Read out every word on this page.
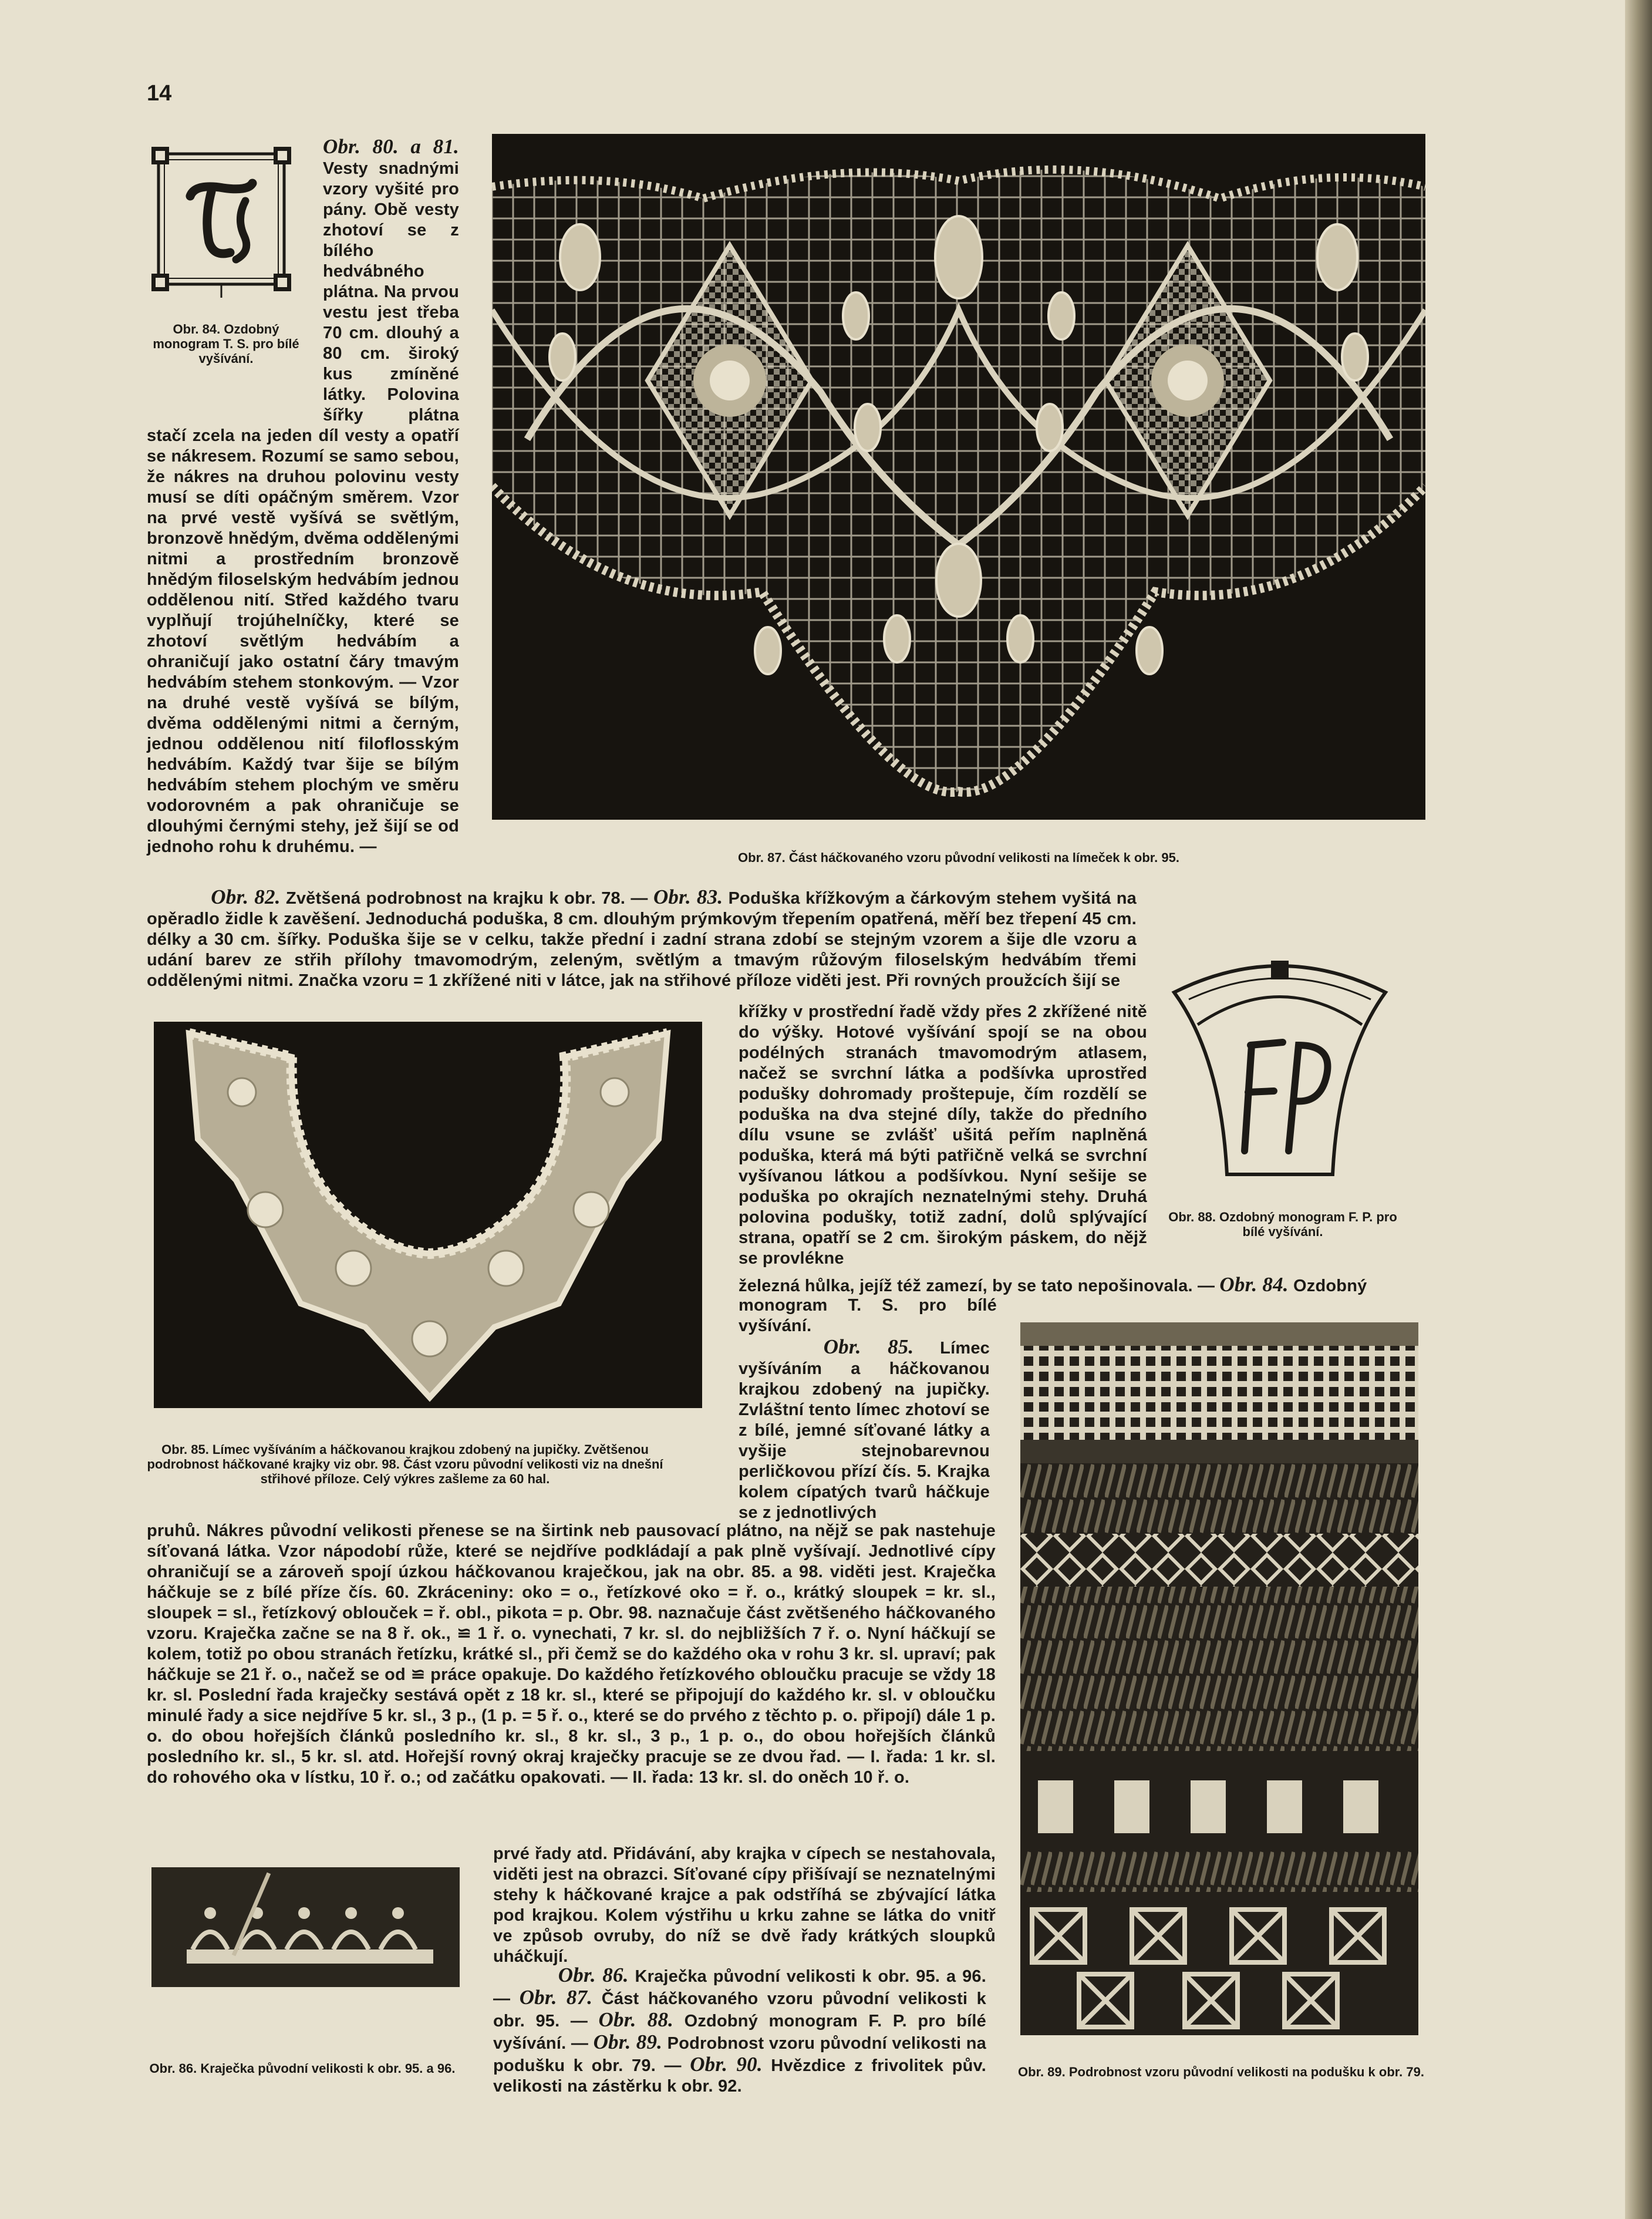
14
Obr. 84. Ozdobný monogram T. S. pro bílé vyšívání.
Obr. 80. a 81. Vesty snadnými vzory vyšité pro pány. Obě vesty zhotoví se z bílého hedvábného plátna. Na prvou vestu jest třeba 70 cm. dlouhý a 80 cm. široký kus zmíněné látky. Polovina šířky plátna stačí zcela na jeden díl vesty a opatří se nákresem. Rozumí se samo sebou, že nákres na druhou polovinu vesty musí se díti opáčným směrem. Vzor na prvé vestě vyšívá se světlým, bronzově hnědým, dvěma oddělenými nitmi a prostředním bronzově hnědým filoselským hedvábím jednou oddělenou nití. Střed každého tvaru vyplňují trojúhelníčky, které se zhotoví světlým hedvábím a ohraničují jako ostatní čáry tmavým hedvábím stehem stonkovým. — Vzor na druhé vestě vyšívá se bílým, dvěma oddělenými nitmi a černým, jednou oddělenou nití filoflosským hedvábím. Každý tvar šije se bílým hedvábím stehem plochým ve směru vodorovném a pak ohraničuje se dlouhými černými stehy, jež šijí se od jednoho rohu k druhému. —
Obr. 87. Část háčkovaného vzoru původní velikosti na límeček k obr. 95.
Obr. 82. Zvětšená podrobnost na krajku k obr. 78. — Obr. 83. Poduška křížkovým a čárkovým stehem vyšitá na opěradlo židle k zavěšení. Jednoduchá poduška, 8 cm. dlouhým prýmkovým třepením opatřená, měří bez třepení 45 cm. délky a 30 cm. šířky. Poduška šije se v celku, takže přední i zadní strana zdobí se stejným vzorem a šije dle vzoru a udání barev ze střih přílohy tmavomodrým, zeleným, světlým a tmavým růžovým filoselským hedvábím třemi oddělenými nitmi. Značka vzoru = 1 zkřížené niti v látce, jak na střihové příloze viděti jest. Při rovných proužcích šijí se
Obr. 88. Ozdobný monogram F. P. pro bílé vyšívání.
křížky v prostřední řadě vždy přes 2 zkřížené nitě do výšky. Hotové vyšívání spojí se na obou podélných stranách tmavomodrým atlasem, načež se svrchní látka a podšívka uprostřed podušky dohromady proštepuje, čím rozdělí se poduška na dva stejné díly, takže do předního dílu vsune se zvlášť ušitá peřím naplněná poduška, která má býti patřičně velká se svrchní vyšívanou látkou a podšívkou. Nyní sešije se poduška po okrajích neznatelnými stehy. Druhá polovina podušky, totiž zadní, dolů splývající strana, opatří se 2 cm. širokým páskem, do nějž se provlékne
Obr. 85. Límec vyšíváním a háčkovanou krajkou zdobený na jupičky. Zvětšenou podrobnost háčkované krajky viz obr. 98. Část vzoru původní velikosti viz na dnešní střihové příloze. Celý výkres zašleme za 60 hal.
železná hůlka, jejíž též zamezí, by se tato nepošinovala. — Obr. 84. Ozdobný
monogram T. S. pro bílé vyšívání.
Obr. 85. Límec vyšíváním a háčkovanou krajkou zdobený na jupičky. Zvláštní tento límec zhotoví se z bílé, jemné síťované látky a vyšije stejnobarevnou perličkovou přízí čís. 5. Krajka kolem cípatých tvarů háčkuje se z jednotlivých
Obr. 89. Podrobnost vzoru původní velikosti na podušku k obr. 79.
pruhů. Nákres původní velikosti přenese se na širtink neb pausovací plátno, na nějž se pak nastehuje síťovaná látka. Vzor nápodobí růže, které se nejdříve podkládají a pak plně vyšívají. Jednotlivé cípy ohraničují se a zároveň spojí úzkou háčkovanou kraječkou, jak na obr. 85. a 98. viděti jest. Kraječka háčkuje se z bílé příze čís. 60. Zkráceniny: oko = o., řetízkové oko = ř. o., krátký sloupek = kr. sl., sloupek = sl., řetízkový oblouček = ř. obl., pikota = p. Obr. 98. naznačuje část zvětšeného háčkovaného vzoru. Kraječka začne se na 8 ř. ok., ≌ 1 ř. o. vynechati, 7 kr. sl. do nejbližších 7 ř. o. Nyní háčkují se kolem, totiž po obou stranách řetízku, krátké sl., při čemž se do každého oka v rohu 3 kr. sl. upraví; pak háčkuje se 21 ř. o., načež se od ≌ práce opakuje. Do každého řetízkového obloučku pracuje se vždy 18 kr. sl. Poslední řada kraječky sestává opět z 18 kr. sl., které se připojují do každého kr. sl. v obloučku minulé řady a sice nejdříve 5 kr. sl., 3 p., (1 p. = 5 ř. o., které se do prvého z těchto p. o. připojí) dále 1 p. o. do obou hořejších článků posledního kr. sl., 8 kr. sl., 3 p., 1 p. o., do obou hořejších článků posledního kr. sl., 5 kr. sl. atd. Hořejší rovný okraj kraječky pracuje se ze dvou řad. — I. řada: 1 kr. sl. do rohového oka v lístku, 10 ř. o.; od začátku opakovati. — II. řada: 13 kr. sl. do oněch 10 ř. o.
prvé řady atd. Přidávání, aby krajka v cípech se nestahovala, viděti jest na obrazci. Síťované cípy přišívají se neznatelnými stehy k háčkované krajce a pak odstříhá se zbývající látka pod krajkou. Kolem výstřihu u krku zahne se látka do vnitř ve způsob ovruby, do níž se dvě řady krátkých sloupků uháčkují.
Obr. 86. Kraječka původní velikosti k obr. 95. a 96.
Obr. 86. Kraječka původní velikosti k obr. 95. a 96. — Obr. 87. Část háčkovaného vzoru původní velikosti k obr. 95. — Obr. 88. Ozdobný monogram F. P. pro bílé vyšívání. — Obr. 89. Podrobnost vzoru původní velikosti na podušku k obr. 79. — Obr. 90. Hvězdice z frivolitek pův. velikosti na zástěrku k obr. 92.
